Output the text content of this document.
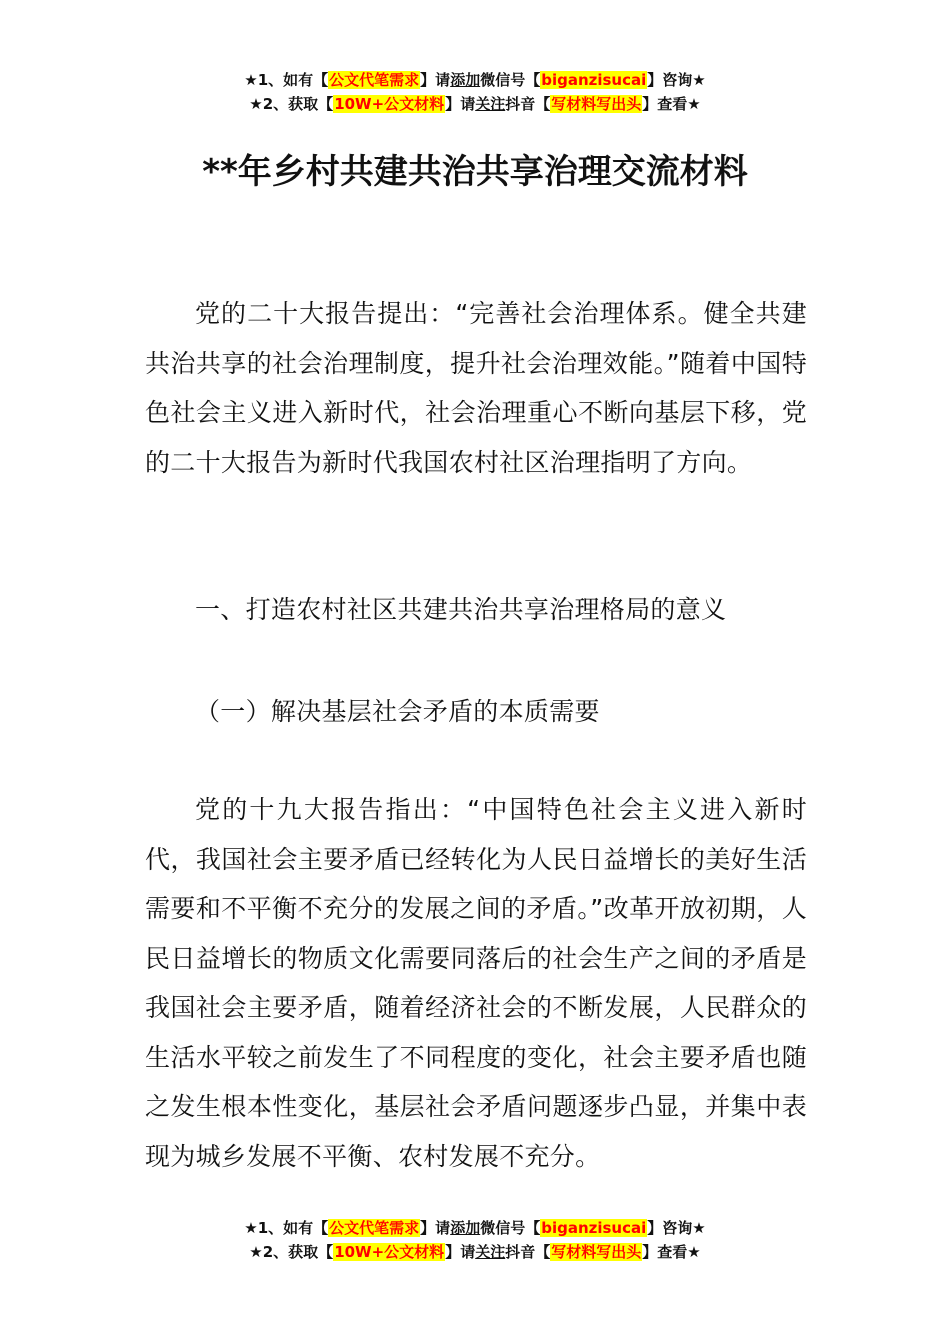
★1、如有【公文代笔需求】请添加微信号【biganzisucai】咨询★
★2、获取【10W+公文材料】请关注抖音【写材料写出头】查看★
**年乡村共建共治共享治理交流材料

党的二十大报告提出：“完善社会治理体系。健全共建共治共享的社会治理制度，提升社会治理效能。”随着中国特色社会主义进入新时代，社会治理重心不断向基层下移，党的二十大报告为新时代我国农村社区治理指明了方向。

一、打造农村社区共建共治共享治理格局的意义

（一）解决基层社会矛盾的本质需要

党的十九大报告指出：“中国特色社会主义进入新时代，我国社会主要矛盾已经转化为人民日益增长的美好生活需要和不平衡不充分的发展之间的矛盾。”改革开放初期，人民日益增长的物质文化需要同落后的社会生产之间的矛盾是我国社会主要矛盾，随着经济社会的不断发展，人民群众的生活水平较之前发生了不同程度的变化，社会主要矛盾也随之发生根本性变化，基层社会矛盾问题逐步凸显，并集中表现为城乡发展不平衡、农村发展不充分。

★1、如有【公文代笔需求】请添加微信号【biganzisucai】咨询★
★2、获取【10W+公文材料】请关注抖音【写材料写出头】查看★
